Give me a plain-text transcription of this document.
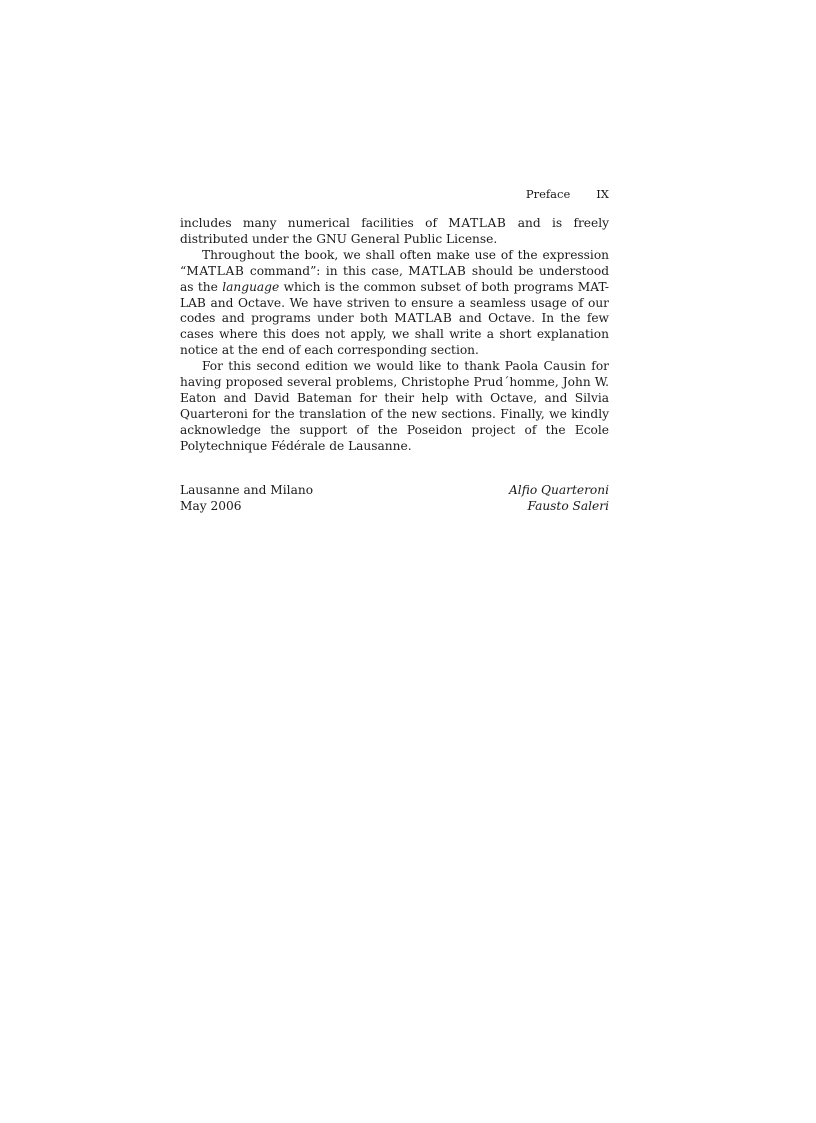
Preface IX

includes many numerical facilities of MATLAB and is freely distributed under the GNU General Public License.

Throughout the book, we shall often make use of the expression “MATLAB command”: in this case, MATLAB should be understood as the language which is the common subset of both programs MAT-LAB and Octave. We have striven to ensure a seamless usage of our codes and programs under both MATLAB and Octave. In the few cases where this does not apply, we shall write a short explanation notice at the end of each corresponding section.

For this second edition we would like to thank Paola Causin for having proposed several problems, Christophe Prud´homme, John W. Eaton and David Bateman for their help with Octave, and Silvia Quarteroni for the translation of the new sections. Finally, we kindly acknowledge the support of the Poseidon project of the Ecole Polytechnique Fédérale de Lausanne.

Lausanne and Milano	Alfio Quarteroni
May 2006	Fausto Saleri
